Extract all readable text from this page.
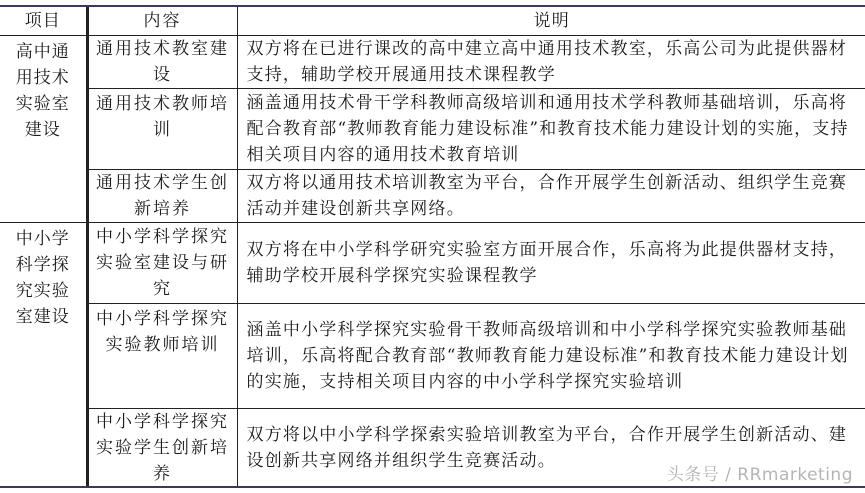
项目	内容	说明

高中通用技术实验室建设	通用技术教室建设	双方将在已进行课改的高中建立高中通用技术教室，乐高公司为此提供器材支持，辅助学校开展通用技术课程教学
	通用技术教师培训	涵盖通用技术骨干学科教师高级培训和通用技术学科教师基础培训，乐高将配合教育部“教师教育能力建设标准”和教育技术能力建设计划的实施，支持相关项目内容的通用技术教育培训
	通用技术学生创新培养	双方将以通用技术培训教室为平台，合作开展学生创新活动、组织学生竞赛活动并建设创新共享网络。

中小学科学探究实验室建设	中小学科学探究实验室建设与研究	双方将在中小学科学研究实验室方面开展合作，乐高将为此提供器材支持，辅助学校开展科学探究实验课程教学
	中小学科学探究实验教师培训	涵盖中小学科学探究实验骨干教师高级培训和中小学科学探究实验教师基础培训，乐高将配合教育部“教师教育能力建设标准”和教育技术能力建设计划的实施，支持相关项目内容的中小学科学探究实验培训
	中小学科学探究实验学生创新培养	双方将以中小学科学探索实验培训教室为平台，合作开展学生创新活动、建设创新共享网络并组织学生竞赛活动。
头条号 / RRmarketing
